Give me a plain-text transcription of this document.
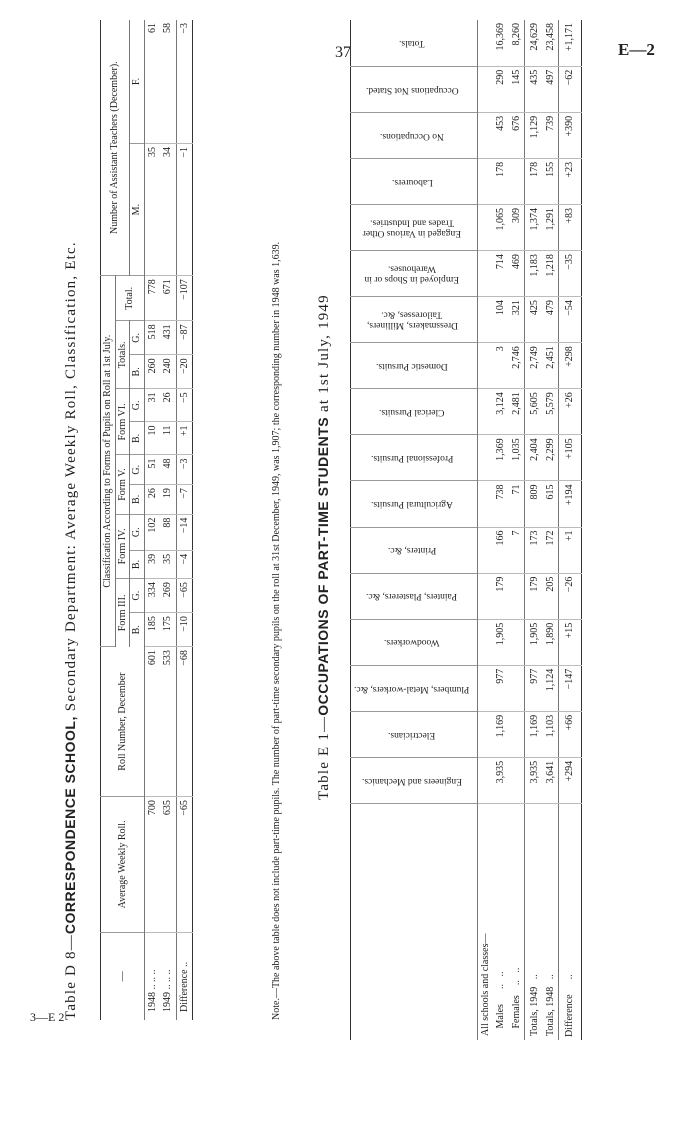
37	E—2
3—E 2
Table D 8—CORRESPONDENCE SCHOOL, Secondary Department: Average Weekly Roll, Classification, Etc.
—	Average Weekly Roll.	Roll Number, December	Classification According to Forms of Pupils on Roll at 1st July.											Number of Assistant Teachers (December).	
			Form III.		Form IV.		Form V.		Form VI.		Totals.		Total.		
			B.	G.	B.	G.	B.	G.	B.	G.	B.	G.		M.	F.
1948 .. .. ..	700	601	185	334	39	102	26	51	10	31	260	518	778	35	61
1949 .. .. ..	635	533	175	269	35	88	19	48	11	26	240	431	671	34	58
Difference ..	−65	−68	−10	−65	−4	−14	−7	−3	+1	−5	−20	−87	−107	−1	−3
Note.—The above table does not include part-time pupils. The number of part-time secondary pupils on the roll at 31st December, 1949, was 1,907; the corresponding number in 1948 was 1,639. Table E 1—OCCUPATIONS OF PART-TIME STUDENTS at 1st July, 1949
	Engineers and Mechanics.	Electricians.	Plumbers, Metal-workers, &c.	Woodworkers.	Painters, Plasterers, &c.	Printers, &c.	Agricultural Pursuits.	Professional Pursuits.	Clerical Pursuits.	Domestic Pursuits.	Dressmakers, Milliners, Tailoresses, &c.	Employed in Shops or in Warehouses.	Engaged in Various Other Trades and Industries.	Labourers.	No Occupations.	Occupations Not Stated.	Totals.
All schools and classes—																	
Males      ..   ..	3,935	1,169	977	1,905	179	166	738	1,369	3,124	3	104	714	1,065	178	453	290	16,369
Females    ..   ..						7	71	1,035	2,481	2,746	321	469	309		676	145	8,260
Totals, 1949   ..	3,935	1,169	977	1,905	179	173	809	2,404	5,605	2,749	425	1,183	1,374	178	1,129	435	24,629
Totals, 1948   ..	3,641	1,103	1,124	1,890	205	172	615	2,299	5,579	2,451	479	1,218	1,291	155	739	497	23,458
Difference      ..	+294	+66	−147	+15	−26	+1	+194	+105	+26	+298	−54	−35	+83	+23	+390	−62	+1,171
